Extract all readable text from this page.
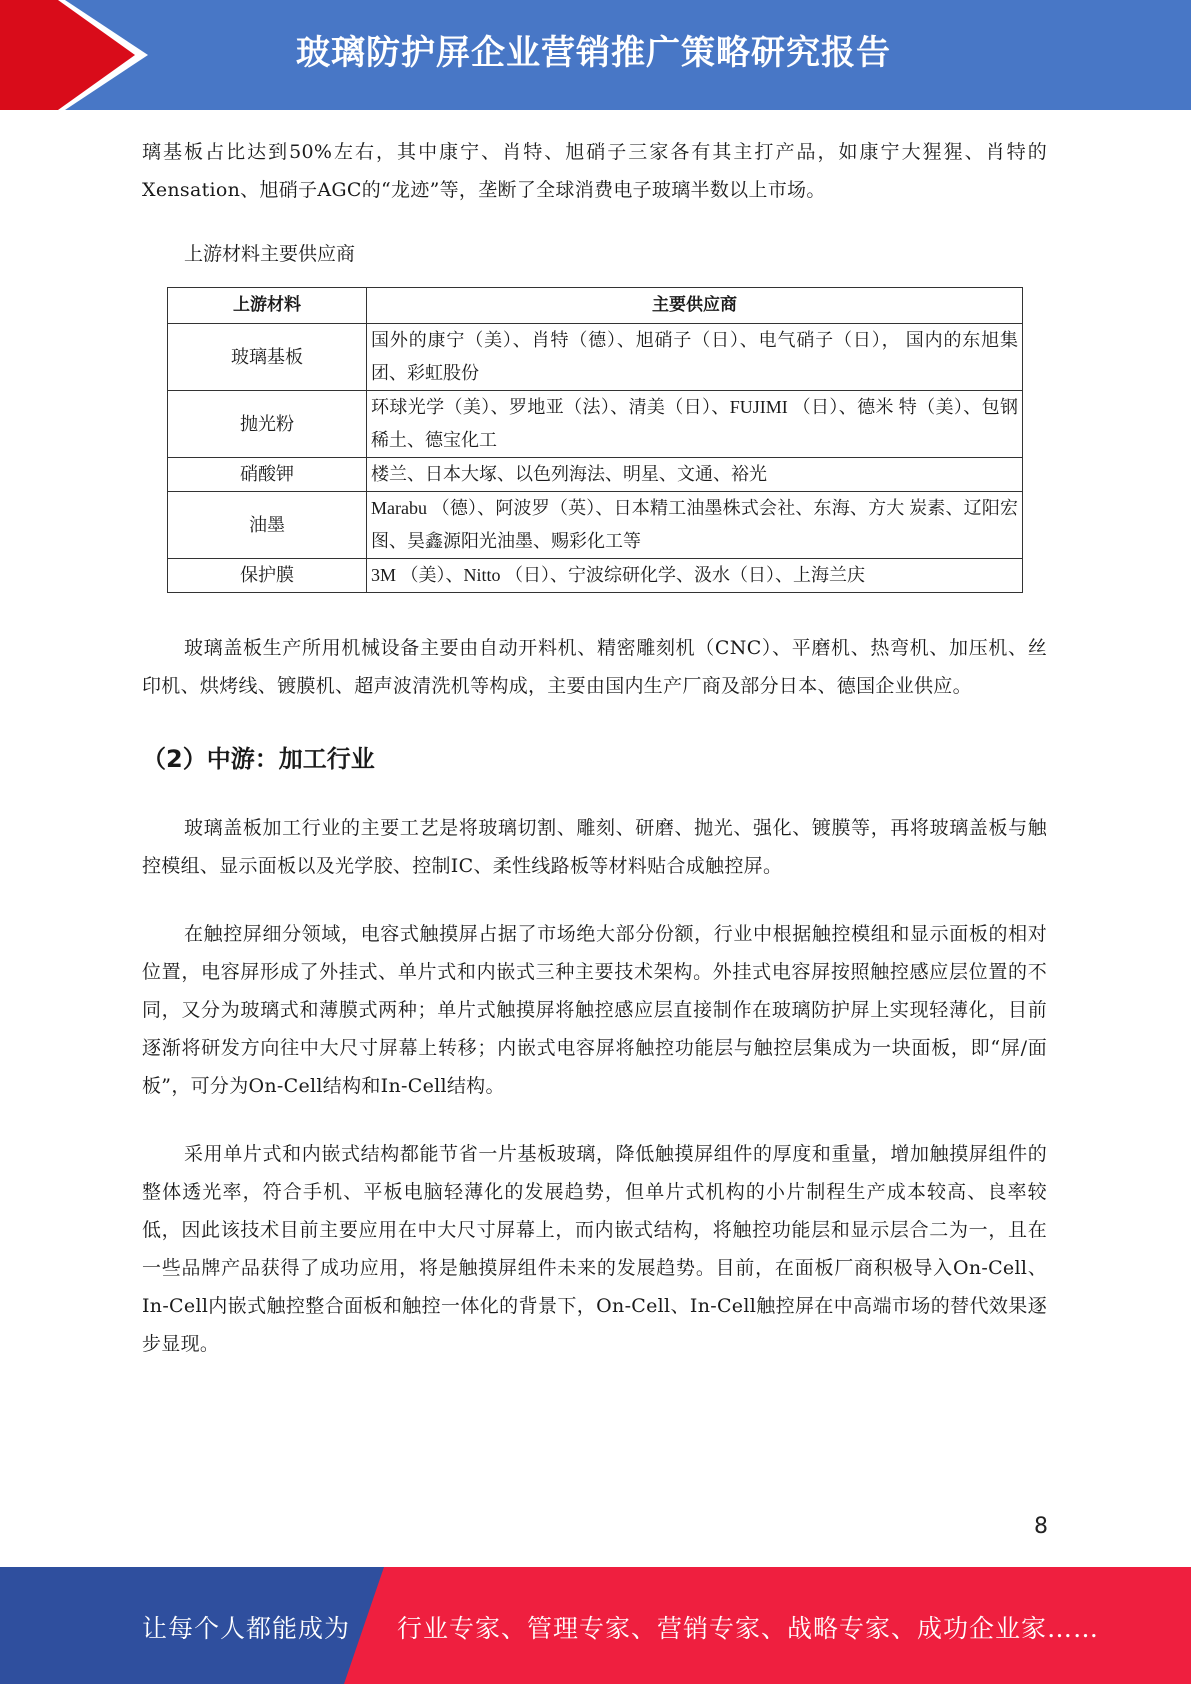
玻璃防护屏企业营销推广策略研究报告

璃基板占比达到50%左右，其中康宁、肖特、旭硝子三家各有其主打产品，如康宁大猩猩、肖特的Xensation、旭硝子AGC的“龙迹”等，垄断了全球消费电子玻璃半数以上市场。

上游材料主要供应商

上游材料	主要供应商
玻璃基板	国外的康宁（美）、肖特（德）、旭硝子（日）、电气硝子（日）， 国内的东旭集团、彩虹股份
抛光粉	环球光学（美）、罗地亚（法）、清美（日）、FUJIMI （日）、德米 特（美）、包钢稀土、德宝化工
硝酸钾	楼兰、日本大塚、以色列海法、明星、文通、裕光
油墨	Marabu （德）、阿波罗（英）、日本精工油墨株式会社、东海、方大 炭素、辽阳宏图、昊鑫源阳光油墨、赐彩化工等
保护膜	3M （美）、Nitto （日）、宁波综研化学、汲水（日）、上海兰庆

玻璃盖板生产所用机械设备主要由自动开料机、精密雕刻机（CNC）、平磨机、热弯机、加压机、丝印机、烘烤线、镀膜机、超声波清洗机等构成，主要由国内生产厂商及部分日本、德国企业供应。

（2）中游：加工行业

玻璃盖板加工行业的主要工艺是将玻璃切割、雕刻、研磨、抛光、强化、镀膜等，再将玻璃盖板与触控模组、显示面板以及光学胶、控制IC、柔性线路板等材料贴合成触控屏。

在触控屏细分领域，电容式触摸屏占据了市场绝大部分份额，行业中根据触控模组和显示面板的相对位置，电容屏形成了外挂式、单片式和内嵌式三种主要技术架构。外挂式电容屏按照触控感应层位置的不同，又分为玻璃式和薄膜式两种；单片式触摸屏将触控感应层直接制作在玻璃防护屏上实现轻薄化，目前逐渐将研发方向往中大尺寸屏幕上转移；内嵌式电容屏将触控功能层与触控层集成为一块面板，即“屏/面板”，可分为On-Cell结构和In-Cell结构。

采用单片式和内嵌式结构都能节省一片基板玻璃，降低触摸屏组件的厚度和重量，增加触摸屏组件的整体透光率，符合手机、平板电脑轻薄化的发展趋势，但单片式机构的小片制程生产成本较高、良率较低，因此该技术目前主要应用在中大尺寸屏幕上，而内嵌式结构，将触控功能层和显示层合二为一，且在一些品牌产品获得了成功应用，将是触摸屏组件未来的发展趋势。目前，在面板厂商积极导入On-Cell、In-Cell内嵌式触控整合面板和触控一体化的背景下，On-Cell、In-Cell触控屏在中高端市场的替代效果逐步显现。

8
让每个人都能成为 行业专家、管理专家、营销专家、战略专家、成功企业家……
